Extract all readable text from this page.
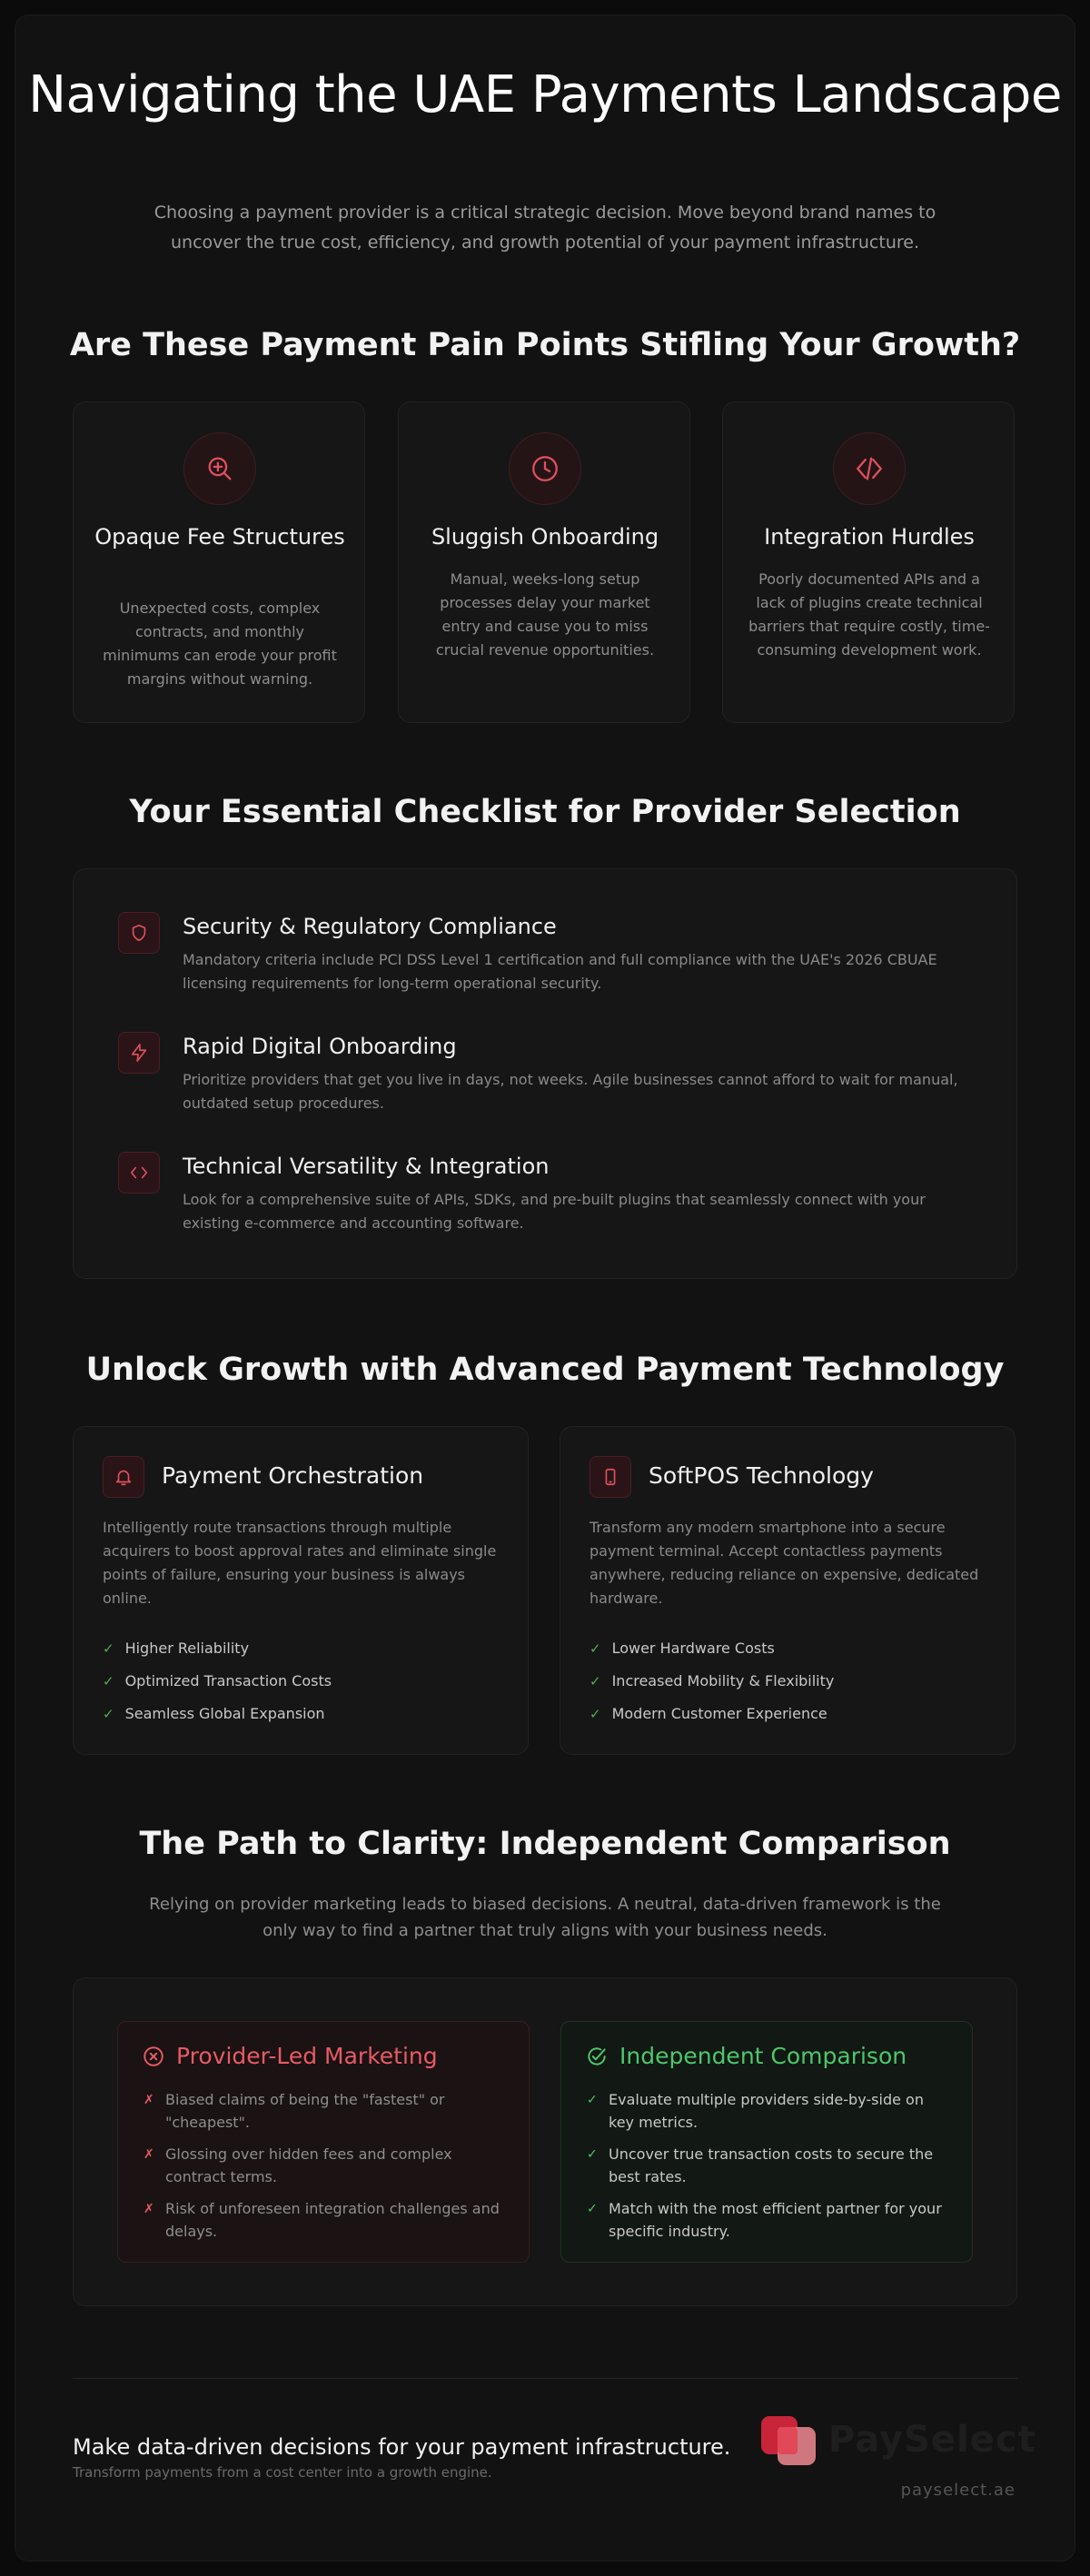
Navigating the UAE Payments Landscape

Choosing a payment provider is a critical strategic decision. Move beyond brand names to uncover the true cost, efficiency, and growth potential of your payment infrastructure.

Are These Payment Pain Points Stifling Your Growth?
Opaque Fee Structures
Unexpected costs, complex contracts, and monthly minimums can erode your profit margins without warning.
Sluggish Onboarding
Manual, weeks-long setup processes delay your market entry and cause you to miss crucial revenue opportunities.
Integration Hurdles
Poorly documented APIs and a lack of plugins create technical barriers that require costly, time-consuming development work.
Your Essential Checklist for Provider Selection
Security & Regulatory Compliance
Mandatory criteria include PCI DSS Level 1 certification and full compliance with the UAE's 2026 CBUAE licensing requirements for long-term operational security.
Rapid Digital Onboarding
Prioritize providers that get you live in days, not weeks. Agile businesses cannot afford to wait for manual, outdated setup procedures.
Technical Versatility & Integration
Look for a comprehensive suite of APIs, SDKs, and pre-built plugins that seamlessly connect with your existing e-commerce and accounting software.
Unlock Growth with Advanced Payment Technology
Payment Orchestration
Intelligently route transactions through multiple acquirers to boost approval rates and eliminate single points of failure, ensuring your business is always online.
✓ Higher Reliability
✓ Optimized Transaction Costs
✓ Seamless Global Expansion
SoftPOS Technology
Transform any modern smartphone into a secure payment terminal. Accept contactless payments anywhere, reducing reliance on expensive, dedicated hardware.
✓ Lower Hardware Costs
✓ Increased Mobility & Flexibility
✓ Modern Customer Experience
The Path to Clarity: Independent Comparison

Relying on provider marketing leads to biased decisions. A neutral, data-driven framework is the only way to find a partner that truly aligns with your business needs.

Provider-Led Marketing
✗ Biased claims of being the "fastest" or "cheapest".
✗ Glossing over hidden fees and complex contract terms.
✗ Risk of unforeseen integration challenges and delays.
Independent Comparison
✓ Evaluate multiple providers side-by-side on key metrics.
✓ Uncover true transaction costs to secure the best rates.
✓ Match with the most efficient partner for your specific industry.
Make data-driven decisions for your payment infrastructure.
Transform payments from a cost center into a growth engine.
PaySelect
payselect.ae
